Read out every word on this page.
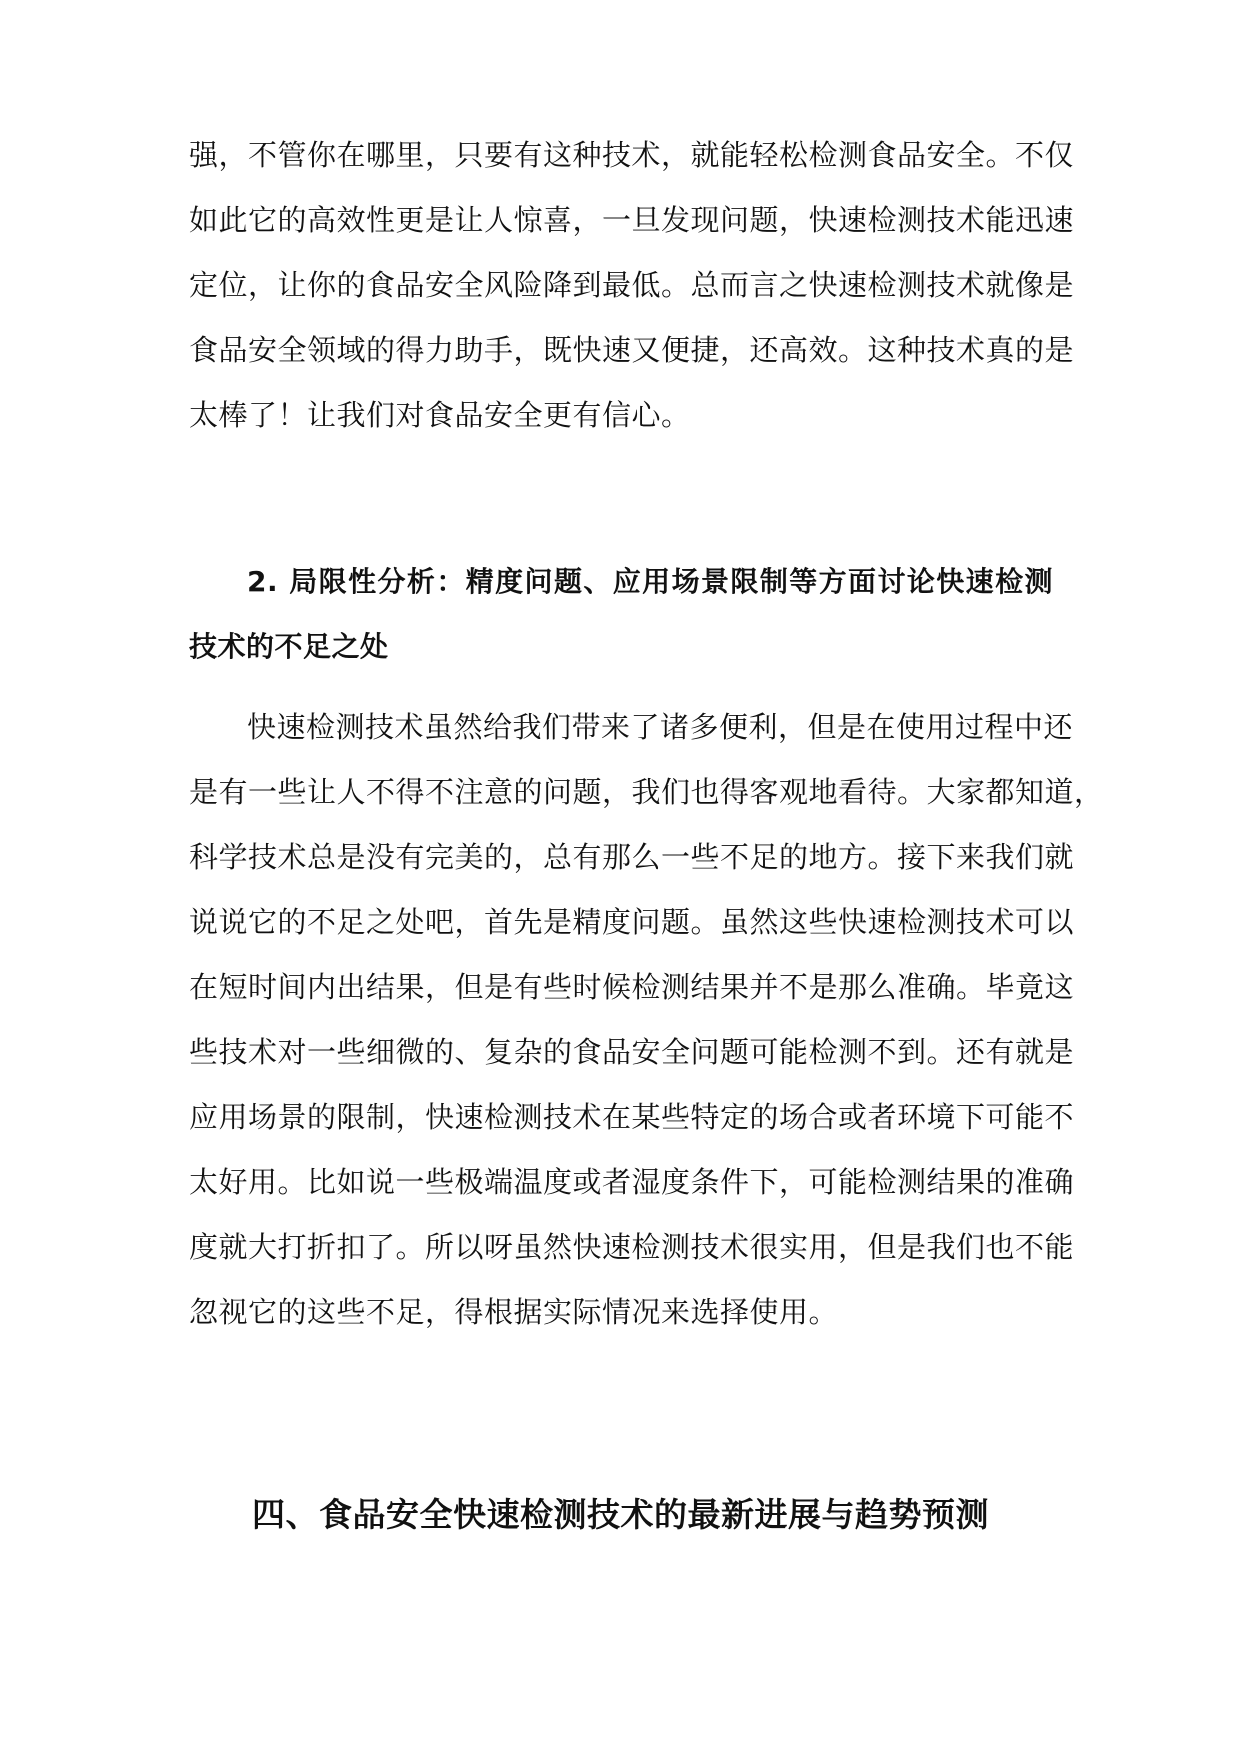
强，不管你在哪里，只要有这种技术，就能轻松检测食品安全。不仅
如此它的高效性更是让人惊喜，一旦发现问题，快速检测技术能迅速
定位，让你的食品安全风险降到最低。总而言之快速检测技术就像是
食品安全领域的得力助手，既快速又便捷，还高效。这种技术真的是
太棒了！让我们对食品安全更有信心。
2. 局限性分析：精度问题、应用场景限制等方面讨论快速检测
技术的不足之处
快速检测技术虽然给我们带来了诸多便利，但是在使用过程中还
是有一些让人不得不注意的问题，我们也得客观地看待。大家都知道，
科学技术总是没有完美的，总有那么一些不足的地方。接下来我们就
说说它的不足之处吧，首先是精度问题。虽然这些快速检测技术可以
在短时间内出结果，但是有些时候检测结果并不是那么准确。毕竟这
些技术对一些细微的、复杂的食品安全问题可能检测不到。还有就是
应用场景的限制，快速检测技术在某些特定的场合或者环境下可能不
太好用。比如说一些极端温度或者湿度条件下，可能检测结果的准确
度就大打折扣了。所以呀虽然快速检测技术很实用，但是我们也不能
忽视它的这些不足，得根据实际情况来选择使用。
四、食品安全快速检测技术的最新进展与趋势预测
